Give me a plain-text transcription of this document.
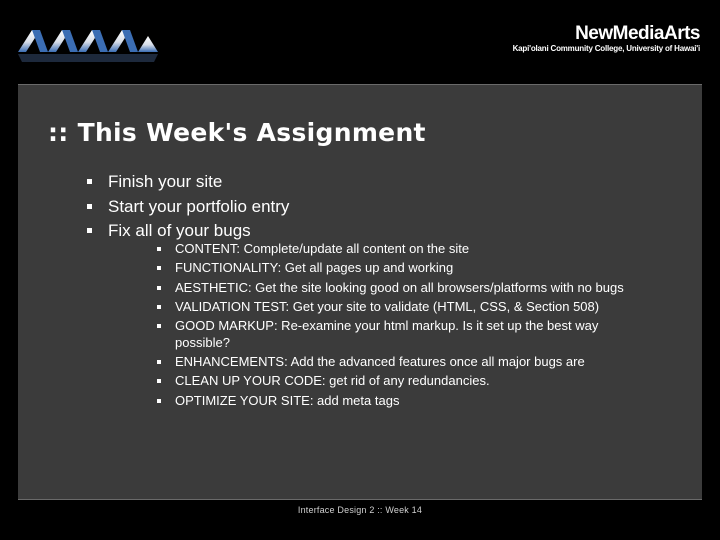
NewMediaArts
Kapi'olani Community College, University of Hawai'i
:: This Week's Assignment
Finish your site
Start your portfolio entry
Fix all of your bugs
CONTENT: Complete/update all content on the site
FUNCTIONALITY: Get all pages up and working
AESTHETIC: Get the site looking good on all browsers/platforms with no bugs
VALIDATION TEST: Get your site to validate (HTML, CSS, & Section 508)
GOOD MARKUP: Re-examine your html markup. Is it set up the best way possible?
ENHANCEMENTS: Add the advanced features once all major bugs are
CLEAN UP YOUR CODE: get rid of any redundancies.
OPTIMIZE YOUR SITE: add meta tags
Interface Design 2 :: Week 14
